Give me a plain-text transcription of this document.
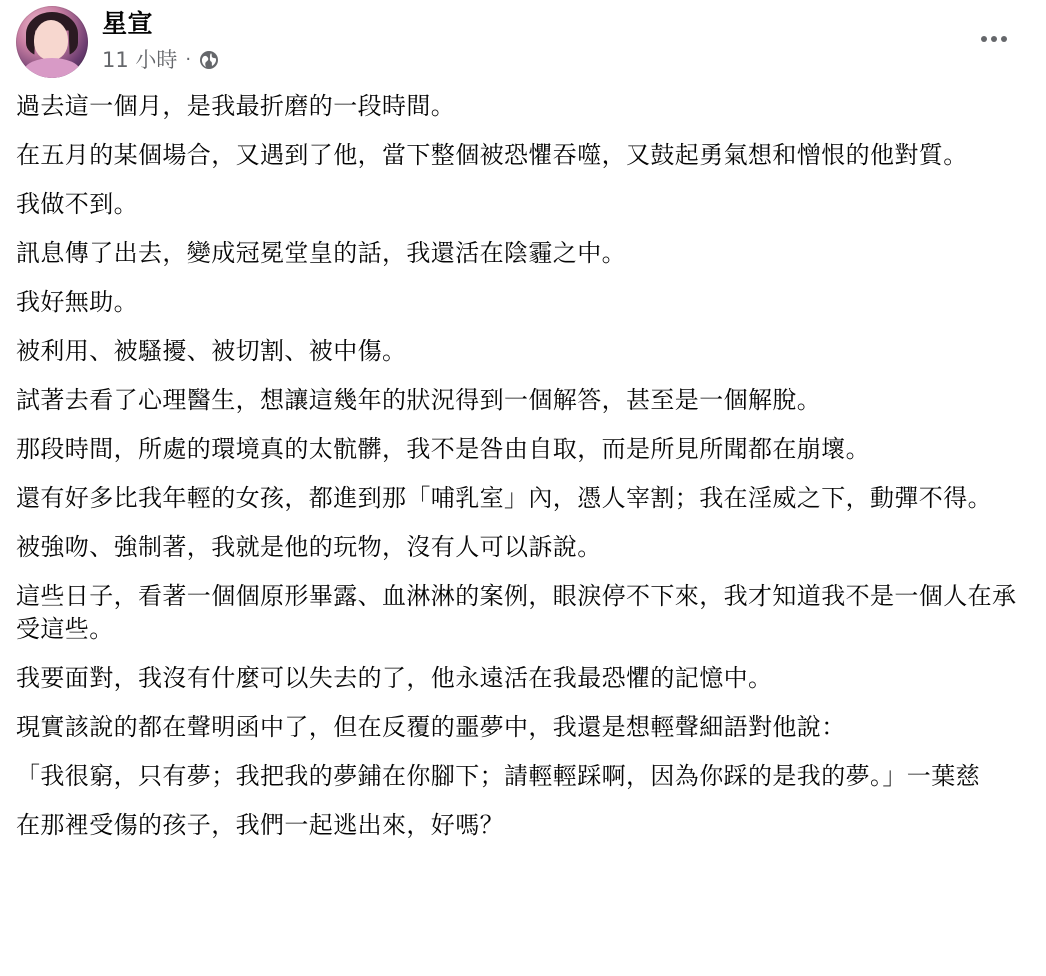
星宣
11 小時 ·

過去這一個月，是我最折磨的一段時間。

在五月的某個場合，又遇到了他，當下整個被恐懼吞噬，又鼓起勇氣想和憎恨的他對質。

我做不到。

訊息傳了出去，變成冠冕堂皇的話，我還活在陰霾之中。

我好無助。

被利用、被騷擾、被切割、被中傷。

試著去看了心理醫生，想讓這幾年的狀況得到一個解答，甚至是一個解脫。

那段時間，所處的環境真的太骯髒，我不是咎由自取，而是所見所聞都在崩壞。

還有好多比我年輕的女孩，都進到那「哺乳室」內，憑人宰割；我在淫威之下，動彈不得。

被強吻、強制著，我就是他的玩物，沒有人可以訴說。

這些日子，看著一個個原形畢露、血淋淋的案例，眼淚停不下來，我才知道我不是一個人在承受這些。

我要面對，我沒有什麼可以失去的了，他永遠活在我最恐懼的記憶中。

現實該說的都在聲明函中了，但在反覆的噩夢中，我還是想輕聲細語對他說：

「我很窮，只有夢；我把我的夢鋪在你腳下；請輕輕踩啊，因為你踩的是我的夢。」一葉慈

在那裡受傷的孩子，我們一起逃出來，好嗎？
